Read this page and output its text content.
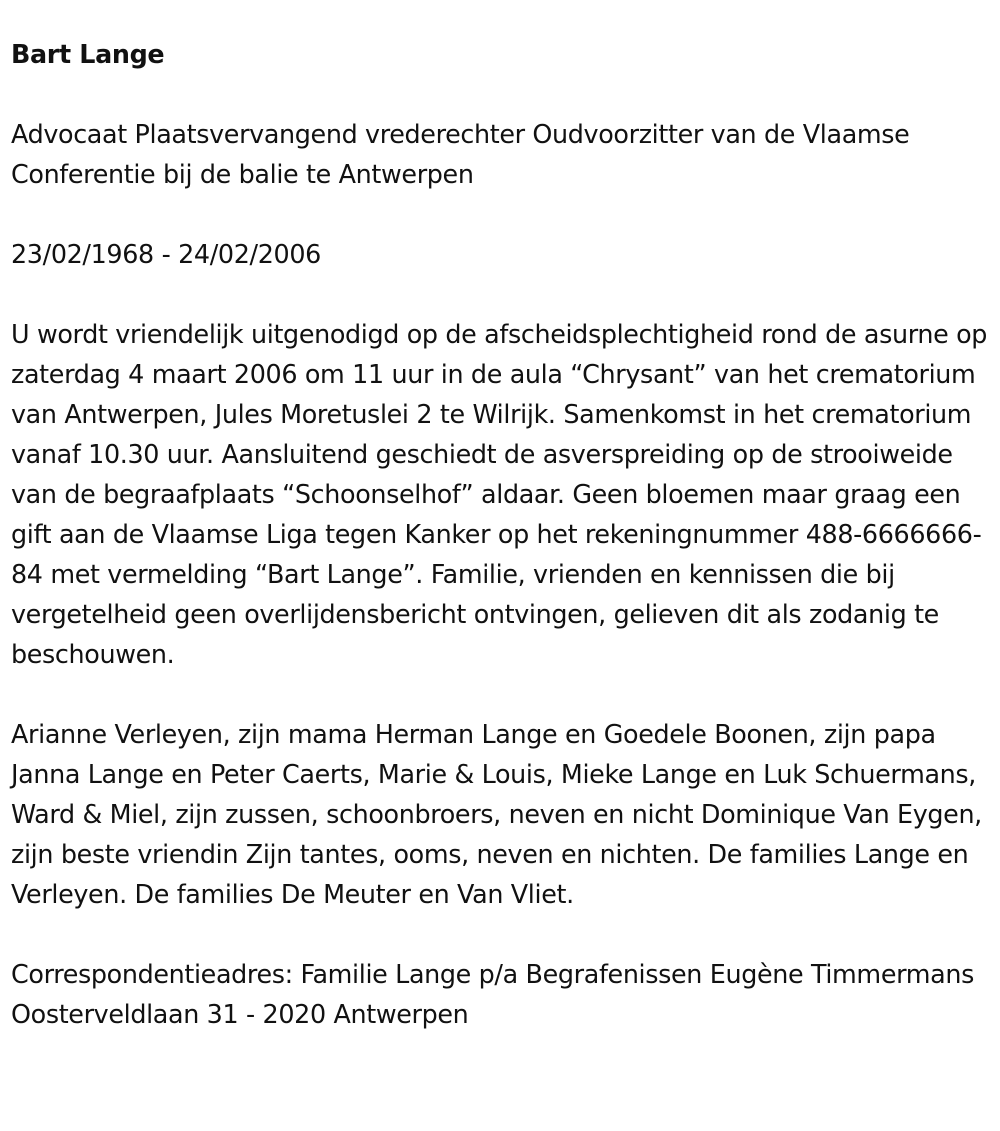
Bart Lange

Advocaat Plaatsvervangend vrederechter Oudvoorzitter van de Vlaamse Conferentie bij de balie te Antwerpen

23/02/1968 - 24/02/2006

U wordt vriendelijk uitgenodigd op de afscheidsplechtigheid rond de asurne op zaterdag 4 maart 2006 om 11 uur in de aula “Chrysant” van het crematorium van Antwerpen, Jules Moretuslei 2 te Wilrijk. Samenkomst in het crematorium vanaf 10.30 uur. Aansluitend geschiedt de asverspreiding op de strooiweide van de begraafplaats “Schoonselhof” aldaar. Geen bloemen maar graag een gift aan de Vlaamse Liga tegen Kanker op het rekeningnummer 488-6666666-84 met vermelding “Bart Lange”. Familie, vrienden en kennissen die bij vergetelheid geen overlijdensbericht ontvingen, gelieven dit als zodanig te beschouwen.

Arianne Verleyen, zijn mama Herman Lange en Goedele Boonen, zijn papa Janna Lange en Peter Caerts, Marie & Louis, Mieke Lange en Luk Schuermans, Ward & Miel, zijn zussen, schoonbroers, neven en nicht Dominique Van Eygen, zijn beste vriendin Zijn tantes, ooms, neven en nichten. De families Lange en Verleyen. De families De Meuter en Van Vliet.

Correspondentieadres: Familie Lange p/a Begrafenissen Eugène Timmermans Oosterveldlaan 31 - 2020 Antwerpen
